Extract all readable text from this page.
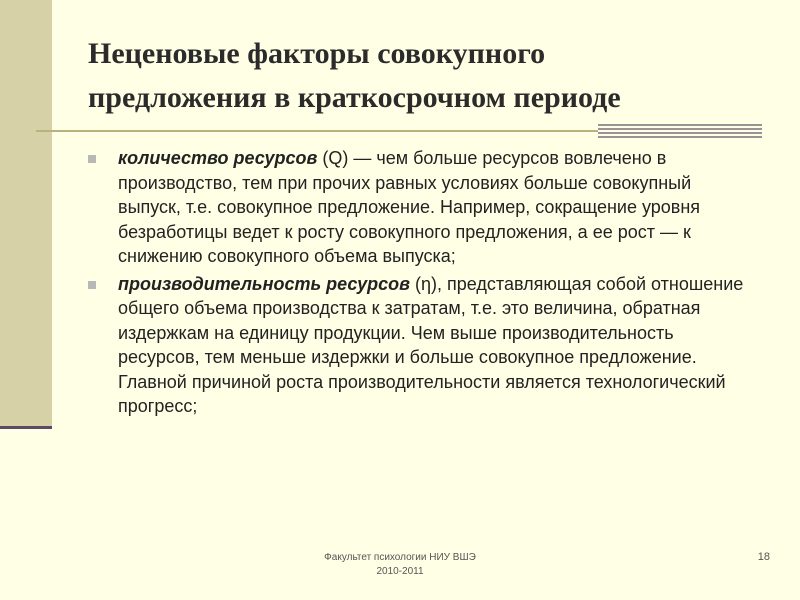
Неценовые факторы совокупного
предложения в краткосрочном периоде
количество ресурсов (Q) — чем больше ресурсов вовлечено в производство, тем при прочих равных условиях больше совокупный выпуск, т.е. совокупное предложение. Например, сокращение уровня безработицы ведет к росту совокупного предложения, а ее рост — к снижению совокупного объема выпуска;
производительность ресурсов (η), представляющая собой отношение общего объема производства к затратам, т.е. это величина, обратная издержкам на единицу продукции. Чем выше производительность ресурсов, тем меньше издержки и больше совокупное предложение. Главной причиной роста производительности является технологический прогресс;
Факультет психологии НИУ ВШЭ
2010-2011
18
